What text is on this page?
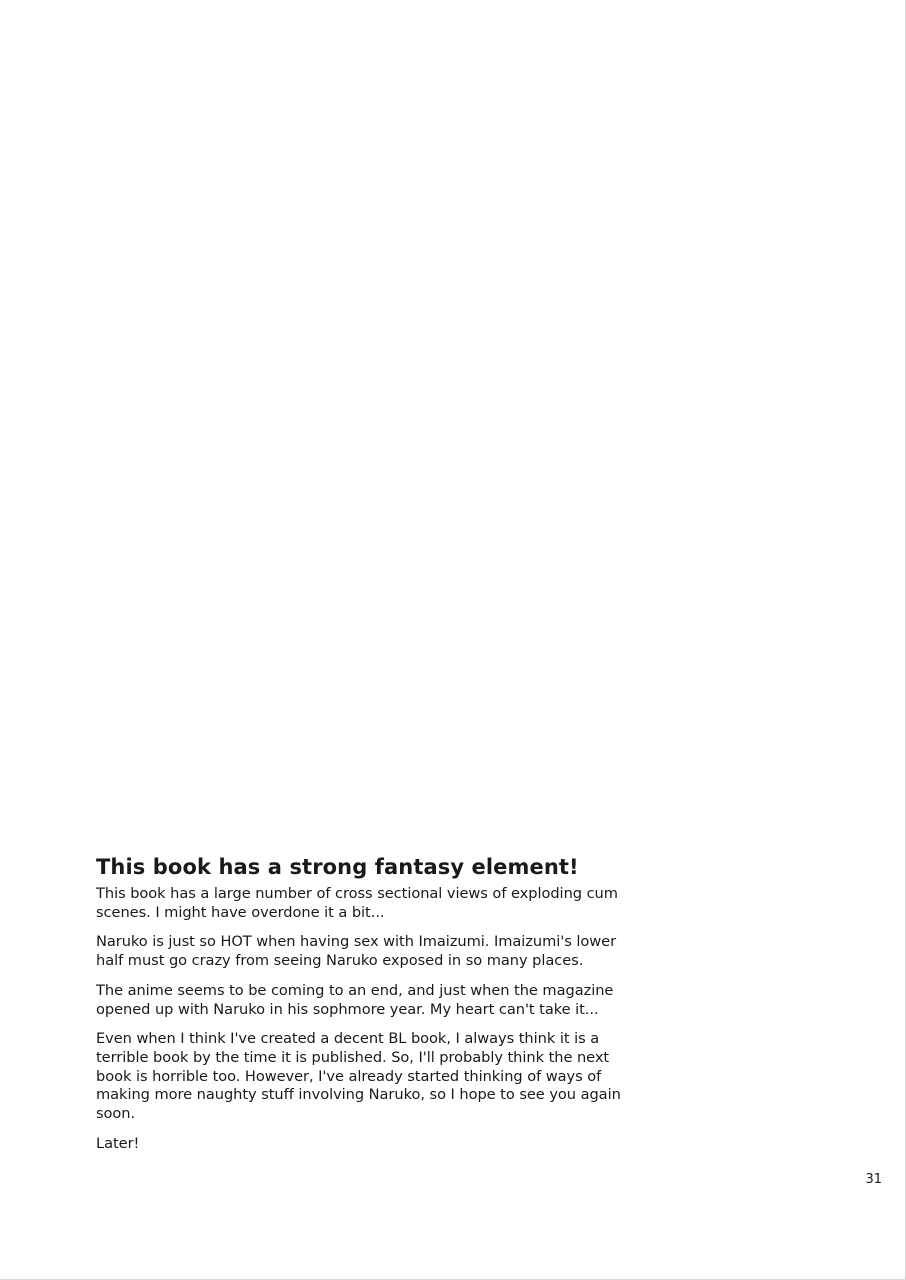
This book has a strong fantasy element!

This book has a large number of cross sectional views of exploding cum scenes. I might have overdone it a bit...

Naruko is just so HOT when having sex with Imaizumi. Imaizumi's lower half must go crazy from seeing Naruko exposed in so many places.

The anime seems to be coming to an end, and just when the magazine opened up with Naruko in his sophmore year. My heart can't take it...

Even when I think I've created a decent BL book, I always think it is a terrible book by the time it is published. So, I'll probably think the next book is horrible too. However, I've already started thinking of ways of making more naughty stuff involving Naruko, so I hope to see you again soon.

Later!

31
